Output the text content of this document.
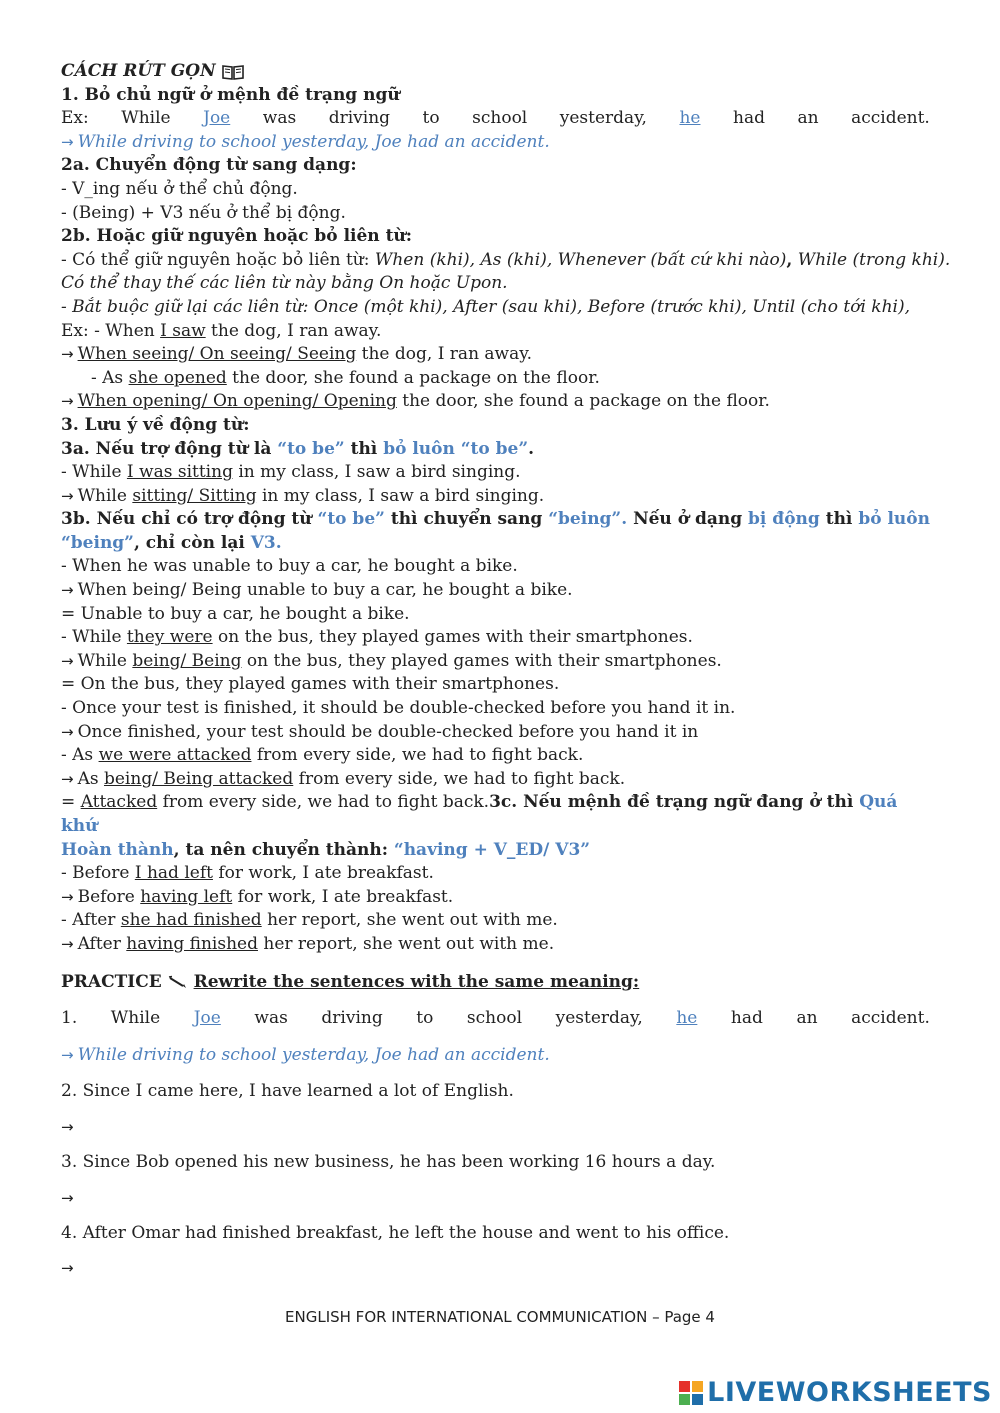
CÁCH RÚT GỌN
1. Bỏ chủ ngữ ở mệnh đề trạng ngữ
Ex: While Joe was driving to school yesterday, he had an accident.
→ While driving to school yesterday, Joe had an accident.
2a. Chuyển động từ sang dạng:
- V_ing nếu ở thể chủ động.
- (Being) + V3 nếu ở thể bị động.
2b. Hoặc giữ nguyên hoặc bỏ liên từ:
- Có thể giữ nguyên hoặc bỏ liên từ: When (khi), As (khi), Whenever (bất cứ khi nào), While (trong khi).
Có thể thay thế các liên từ này bằng On hoặc Upon.
- Bắt buộc giữ lại các liên từ: Once (một khi), After (sau khi), Before (trước khi), Until (cho tới khi),
Ex: - When I saw the dog, I ran away.
→ When seeing/ On seeing/ Seeing the dog, I ran away.
- As she opened the door, she found a package on the floor.
→ When opening/ On opening/ Opening the door, she found a package on the floor.
3. Lưu ý về động từ:
3a. Nếu trợ động từ là “to be” thì bỏ luôn “to be”.
- While I was sitting in my class, I saw a bird singing.
→ While sitting/ Sitting in my class, I saw a bird singing.
3b. Nếu chỉ có trợ động từ “to be” thì chuyển sang “being”. Nếu ở dạng bị động thì bỏ luôn
“being”, chỉ còn lại V3.
- When he was unable to buy a car, he bought a bike.
→ When being/ Being unable to buy a car, he bought a bike.
= Unable to buy a car, he bought a bike.
- While they were on the bus, they played games with their smartphones.
→ While being/ Being on the bus, they played games with their smartphones.
= On the bus, they played games with their smartphones.
- Once your test is finished, it should be double-checked before you hand it in.
→ Once finished, your test should be double-checked before you hand it in
- As we were attacked from every side, we had to fight back.
→ As being/ Being attacked from every side, we had to fight back.
= Attacked from every side, we had to fight back.3c. Nếu mệnh đề trạng ngữ đang ở thì Quá khứ
Hoàn thành, ta nên chuyển thành: “having + V_ED/ V3”
- Before I had left for work, I ate breakfast.
→ Before having left for work, I ate breakfast.
- After she had finished her report, she went out with me.
→ After having finished her report, she went out with me.
PRACTICE Rewrite the sentences with the same meaning:
1. While Joe was driving to school yesterday, he had an accident.
→ While driving to school yesterday, Joe had an accident.
2. Since I came here, I have learned a lot of English.
→
3. Since Bob opened his new business, he has been working 16 hours a day.
→
4. After Omar had finished breakfast, he left the house and went to his office.
→
ENGLISH FOR INTERNATIONAL COMMUNICATION – Page 4
LIVEWORKSHEETS
